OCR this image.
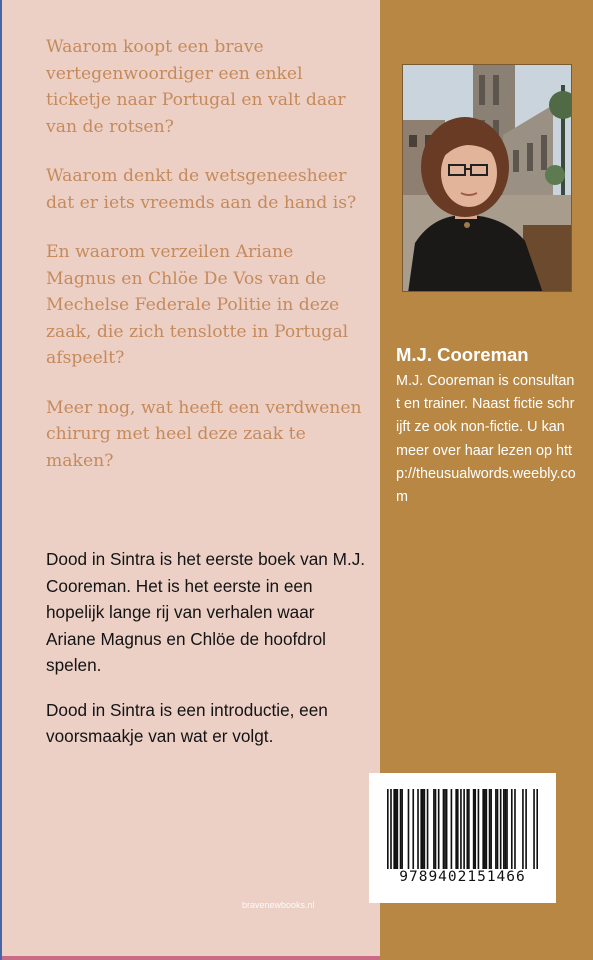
Waarom koopt een brave vertegenwoordiger een enkel ticketje naar Portugal en valt daar van de rotsen?

Waarom denkt de wetsgeneesheer dat er iets vreemds aan de hand is?

En waarom verzeilen Ariane Magnus en Chlöe De Vos van de Mechelse Federale Politie in deze zaak, die zich tenslotte in Portugal afspeelt?

Meer nog, wat heeft een verdwenen chirurg met heel deze zaak te maken?

Dood in Sintra is het eerste boek van M.J. Cooreman. Het is het eerste in een hopelijk lange rij van verhalen waar Ariane Magnus en Chlöe de hoofdrol spelen.

Dood in Sintra is een introductie, een voorsmaakje van wat er volgt.

bravenewbooks.nl
M.J. Cooreman
M.J. Cooreman is consultant en trainer. Naast fictie schrijft ze ook non-fictie. U kan meer over haar lezen op http://theusualwords.weebly.com
9789402151466
